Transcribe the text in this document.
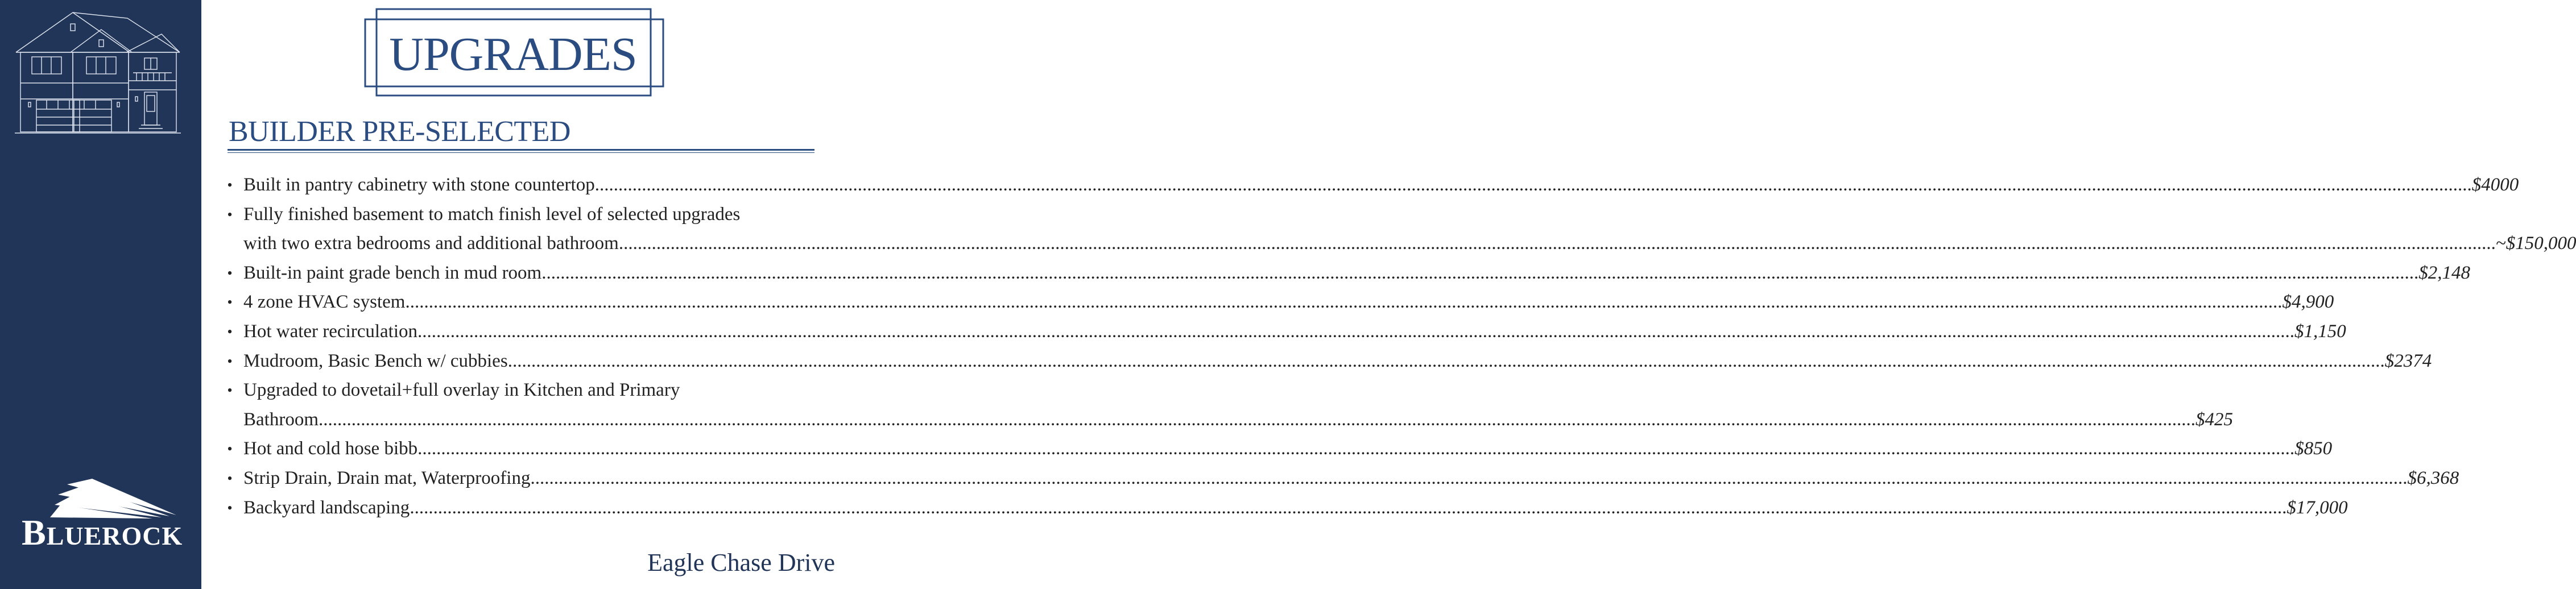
BLUEROCK
UPGRADES
BUILDER PRE-SELECTED
• Built in pantry cabinetry with stone countertop ................................................................................................................................................................................................................................................................................................................................................................................................................ $4000
• Fully finished basement to match finish level of selected upgrades
with two extra bedrooms and additional bathroom ................................................................................................................................................................................................................................................................................................................................................................................................................ ~$150,000
• Built-in paint grade bench in mud room ................................................................................................................................................................................................................................................................................................................................................................................................................ $2,148
• 4 zone HVAC system ................................................................................................................................................................................................................................................................................................................................................................................................................ $4,900
• Hot water recirculation ................................................................................................................................................................................................................................................................................................................................................................................................................ $1,150
• Mudroom, Basic Bench w/ cubbies ................................................................................................................................................................................................................................................................................................................................................................................................................ $2374
• Upgraded to dovetail+full overlay in Kitchen and Primary
Bathroom ................................................................................................................................................................................................................................................................................................................................................................................................................ $425
• Hot and cold hose bibb ................................................................................................................................................................................................................................................................................................................................................................................................................ $850
• Strip Drain, Drain mat, Waterproofing ................................................................................................................................................................................................................................................................................................................................................................................................................ $6,368
• Backyard landscaping ................................................................................................................................................................................................................................................................................................................................................................................................................ $17,000
Eagle Chase Drive
